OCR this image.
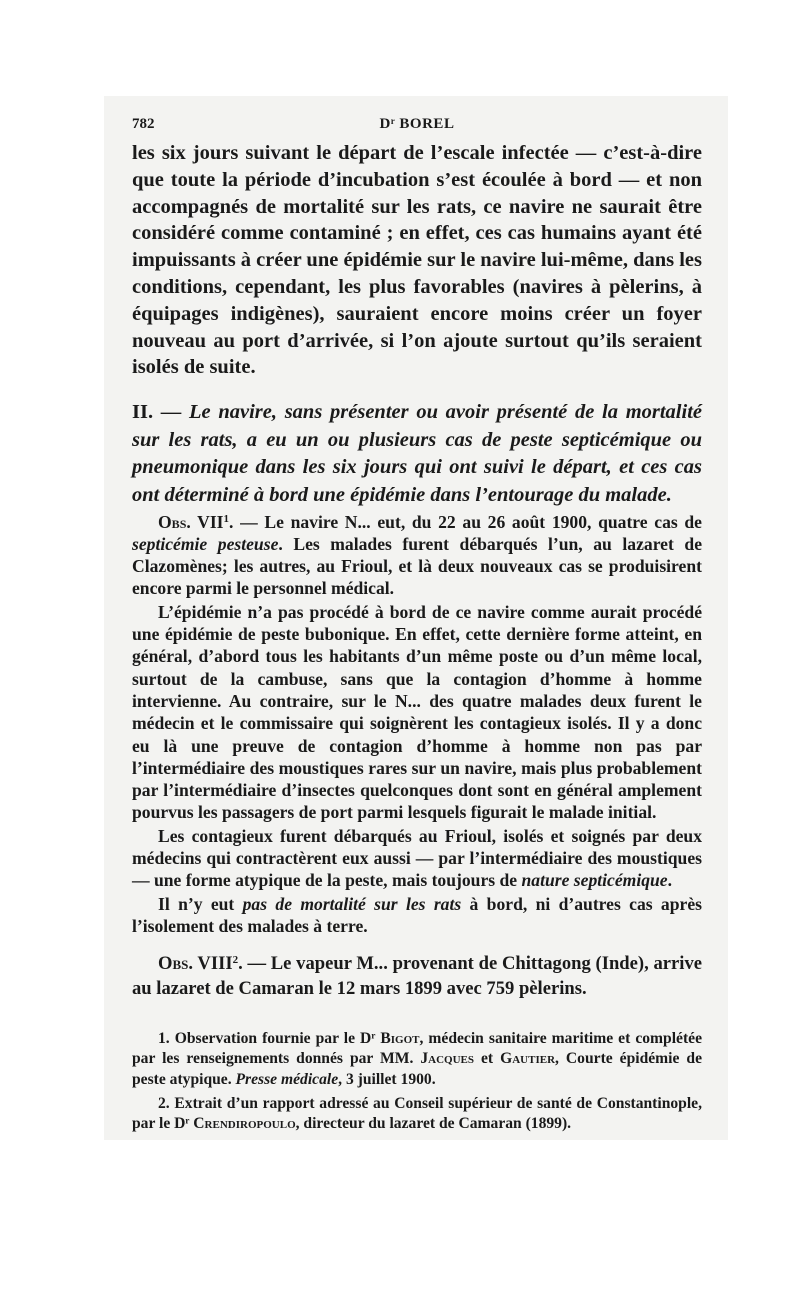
782	Dʳ BOREL

les six jours suivant le départ de l’escale infectée — c’est-à-dire que toute la période d’incubation s’est écoulée à bord — et non accompagnés de mortalité sur les rats, ce navire ne saurait être considéré comme contaminé ; en effet, ces cas humains ayant été impuissants à créer une épidémie sur le navire lui-même, dans les conditions, cependant, les plus favorables (navires à pèlerins, à équipages indigènes), sauraient encore moins créer un foyer nouveau au port d’arrivée, si l’on ajoute surtout qu’ils seraient isolés de suite.

II. — Le navire, sans présenter ou avoir présenté de la mortalité sur les rats, a eu un ou plusieurs cas de peste septicémique ou pneumonique dans les six jours qui ont suivi le départ, et ces cas ont déterminé à bord une épidémie dans l’entourage du malade.

Obs. VII$^1$. — Le navire N... eut, du 22 au 26 août 1900, quatre cas de septicémie pesteuse. Les malades furent débarqués l’un, au lazaret de Clazomènes; les autres, au Frioul, et là deux nouveaux cas se produisirent encore parmi le personnel médical.

L’épidémie n’a pas procédé à bord de ce navire comme aurait procédé une épidémie de peste bubonique. En effet, cette dernière forme atteint, en général, d’abord tous les habitants d’un même poste ou d’un même local, surtout de la cambuse, sans que la contagion d’homme à homme intervienne. Au contraire, sur le N... des quatre malades deux furent le médecin et le commissaire qui soignèrent les contagieux isolés. Il y a donc eu là une preuve de contagion d’homme à homme non pas par l’intermédiaire des moustiques rares sur un navire, mais plus probablement par l’intermédiaire d’insectes quelconques dont sont en général amplement pourvus les passagers de port parmi lesquels figurait le malade initial.

Les contagieux furent débarqués au Frioul, isolés et soignés par deux médecins qui contractèrent eux aussi — par l’intermédiaire des moustiques — une forme atypique de la peste, mais toujours de nature septicémique.

Il n’y eut pas de mortalité sur les rats à bord, ni d’autres cas après l’isolement des malades à terre.

Obs. VIII$^2$. — Le vapeur M... provenant de Chittagong (Inde), arrive au lazaret de Camaran le 12 mars 1899 avec 759 pèlerins.

1. Observation fournie par le Dʳ Bigot, médecin sanitaire maritime et complétée par les renseignements donnés par MM. Jacques et Gautier, Courte épidémie de peste atypique. Presse médicale, 3 juillet 1900.

2. Extrait d’un rapport adressé au Conseil supérieur de santé de Constantinople, par le Dʳ Crendiropoulo, directeur du lazaret de Camaran (1899).
